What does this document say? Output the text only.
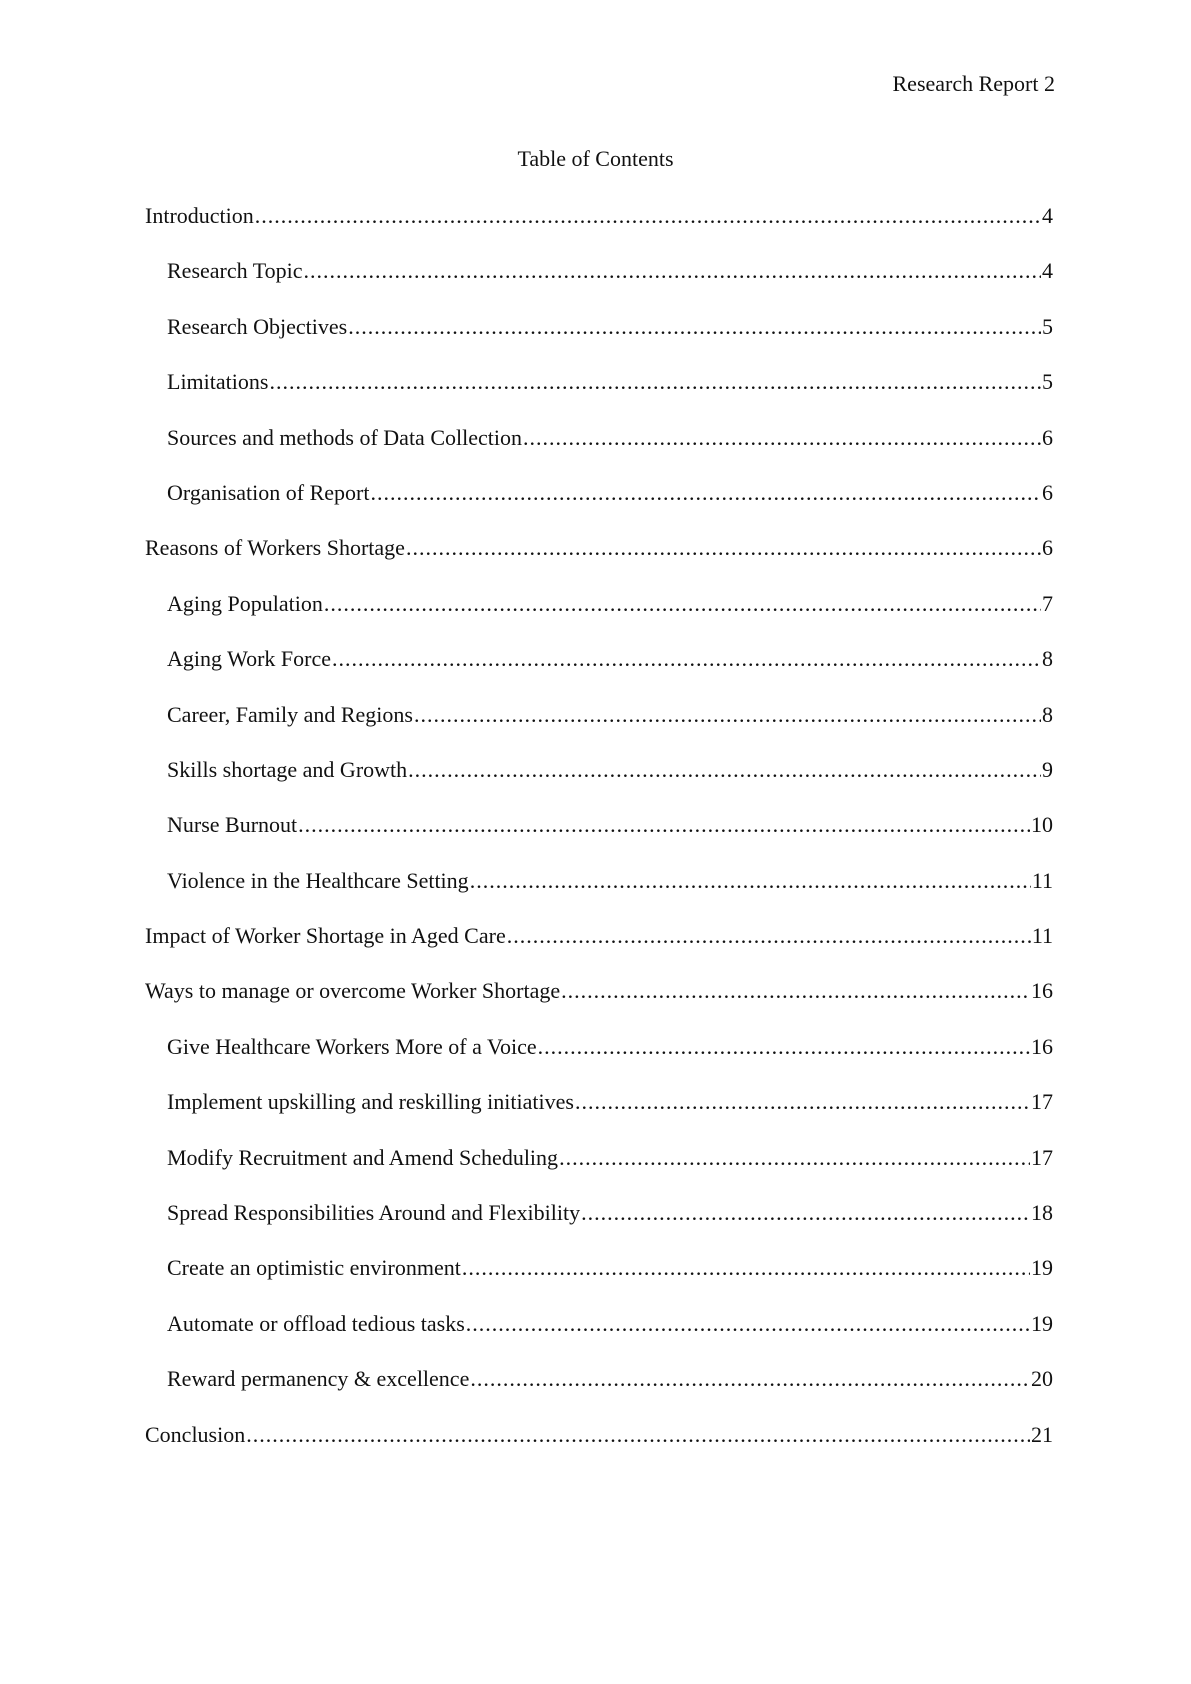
Research Report 2
Table of Contents
Introduction .....	4
Research Topic .....	4
Research Objectives .....	5
Limitations .....	5
Sources and methods of Data Collection .....	6
Organisation of Report .....	6
Reasons of Workers Shortage .....	6
Aging Population .....	7
Aging Work Force .....	8
Career, Family and Regions .....	8
Skills shortage and Growth .....	9
Nurse Burnout .....	10
Violence in the Healthcare Setting .....	11
Impact of Worker Shortage in Aged Care .....	11
Ways to manage or overcome Worker Shortage .....	16
Give Healthcare Workers More of a Voice .....	16
Implement upskilling and reskilling initiatives .....	17
Modify Recruitment and Amend Scheduling .....	17
Spread Responsibilities Around and Flexibility .....	18
Create an optimistic environment .....	19
Automate or offload tedious tasks .....	19
Reward permanency & excellence .....	20
Conclusion .....	21
